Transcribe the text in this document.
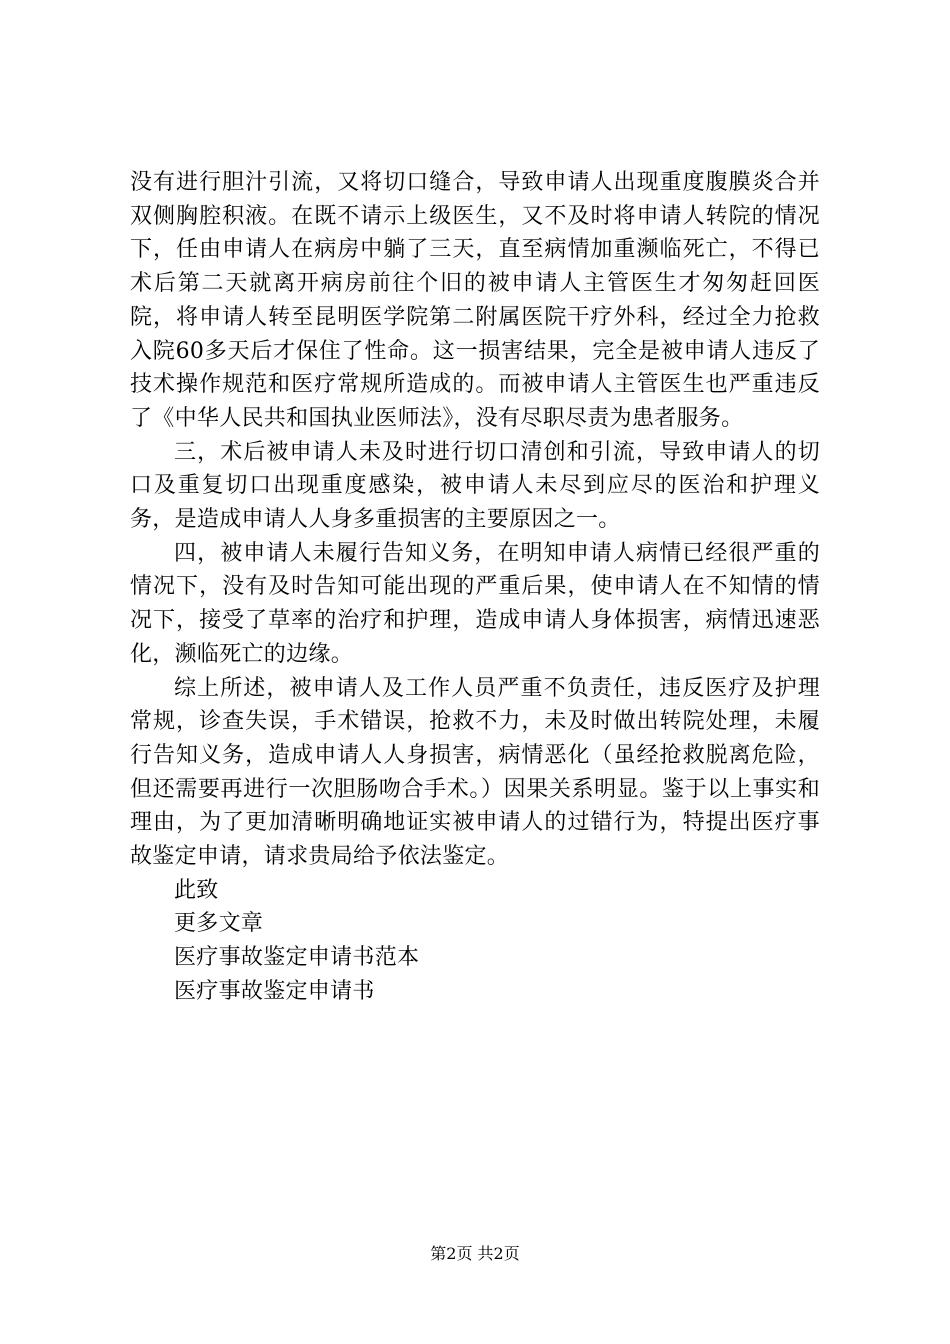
没有进行胆汁引流，又将切口缝合，导致申请人出现重度腹膜炎合并双侧胸腔积液。在既不请示上级医生，又不及时将申请人转院的情况下，任由申请人在病房中躺了三天，直至病情加重濒临死亡，不得已术后第二天就离开病房前往个旧的被申请人主管医生才匆匆赶回医院，将申请人转至昆明医学院第二附属医院干疗外科，经过全力抢救入院60多天后才保住了性命。这一损害结果，完全是被申请人违反了技术操作规范和医疗常规所造成的。而被申请人主管医生也严重违反了《中华人民共和国执业医师法》，没有尽职尽责为患者服务。

三，术后被申请人未及时进行切口清创和引流，导致申请人的切口及重复切口出现重度感染，被申请人未尽到应尽的医治和护理义务，是造成申请人人身多重损害的主要原因之一。

四，被申请人未履行告知义务，在明知申请人病情已经很严重的情况下，没有及时告知可能出现的严重后果，使申请人在不知情的情况下，接受了草率的治疗和护理，造成申请人身体损害，病情迅速恶化，濒临死亡的边缘。

综上所述，被申请人及工作人员严重不负责任，违反医疗及护理常规，诊查失误，手术错误，抢救不力，未及时做出转院处理，未履行告知义务，造成申请人人身损害，病情恶化（虽经抢救脱离危险，但还需要再进行一次胆肠吻合手术。）因果关系明显。鉴于以上事实和理由，为了更加清晰明确地证实被申请人的过错行为，特提出医疗事故鉴定申请，请求贵局给予依法鉴定。

此致

更多文章

医疗事故鉴定申请书范本

医疗事故鉴定申请书

第2页 共2页
